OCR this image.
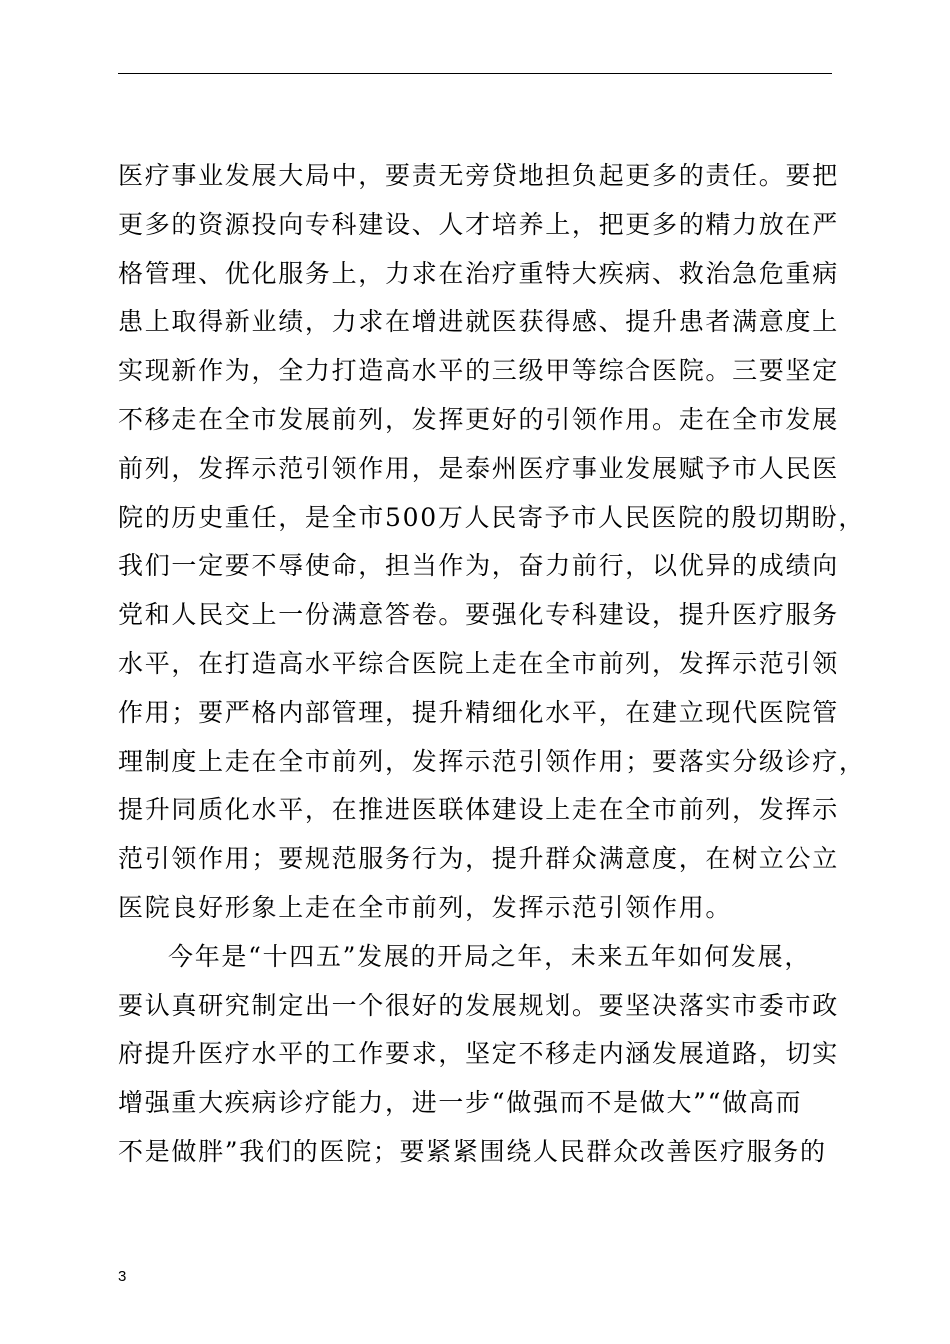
医疗事业发展大局中，要责无旁贷地担负起更多的责任。要把
更多的资源投向专科建设、人才培养上，把更多的精力放在严
格管理、优化服务上，力求在治疗重特大疾病、救治急危重病
患上取得新业绩，力求在增进就医获得感、提升患者满意度上
实现新作为，全力打造高水平的三级甲等综合医院。三要坚定
不移走在全市发展前列，发挥更好的引领作用。走在全市发展
前列，发挥示范引领作用，是泰州医疗事业发展赋予市人民医
院的历史重任，是全市500万人民寄予市人民医院的殷切期盼，
我们一定要不辱使命，担当作为，奋力前行，以优异的成绩向
党和人民交上一份满意答卷。要强化专科建设，提升医疗服务
水平，在打造高水平综合医院上走在全市前列，发挥示范引领
作用；要严格内部管理，提升精细化水平，在建立现代医院管
理制度上走在全市前列，发挥示范引领作用；要落实分级诊疗，
提升同质化水平，在推进医联体建设上走在全市前列，发挥示
范引领作用；要规范服务行为，提升群众满意度，在树立公立
医院良好形象上走在全市前列，发挥示范引领作用。
今年是“十四五”发展的开局之年，未来五年如何发展，
要认真研究制定出一个很好的发展规划。要坚决落实市委市政
府提升医疗水平的工作要求，坚定不移走内涵发展道路，切实
增强重大疾病诊疗能力，进一步“做强而不是做大”“做高而
不是做胖”我们的医院；要紧紧围绕人民群众改善医疗服务的
3
